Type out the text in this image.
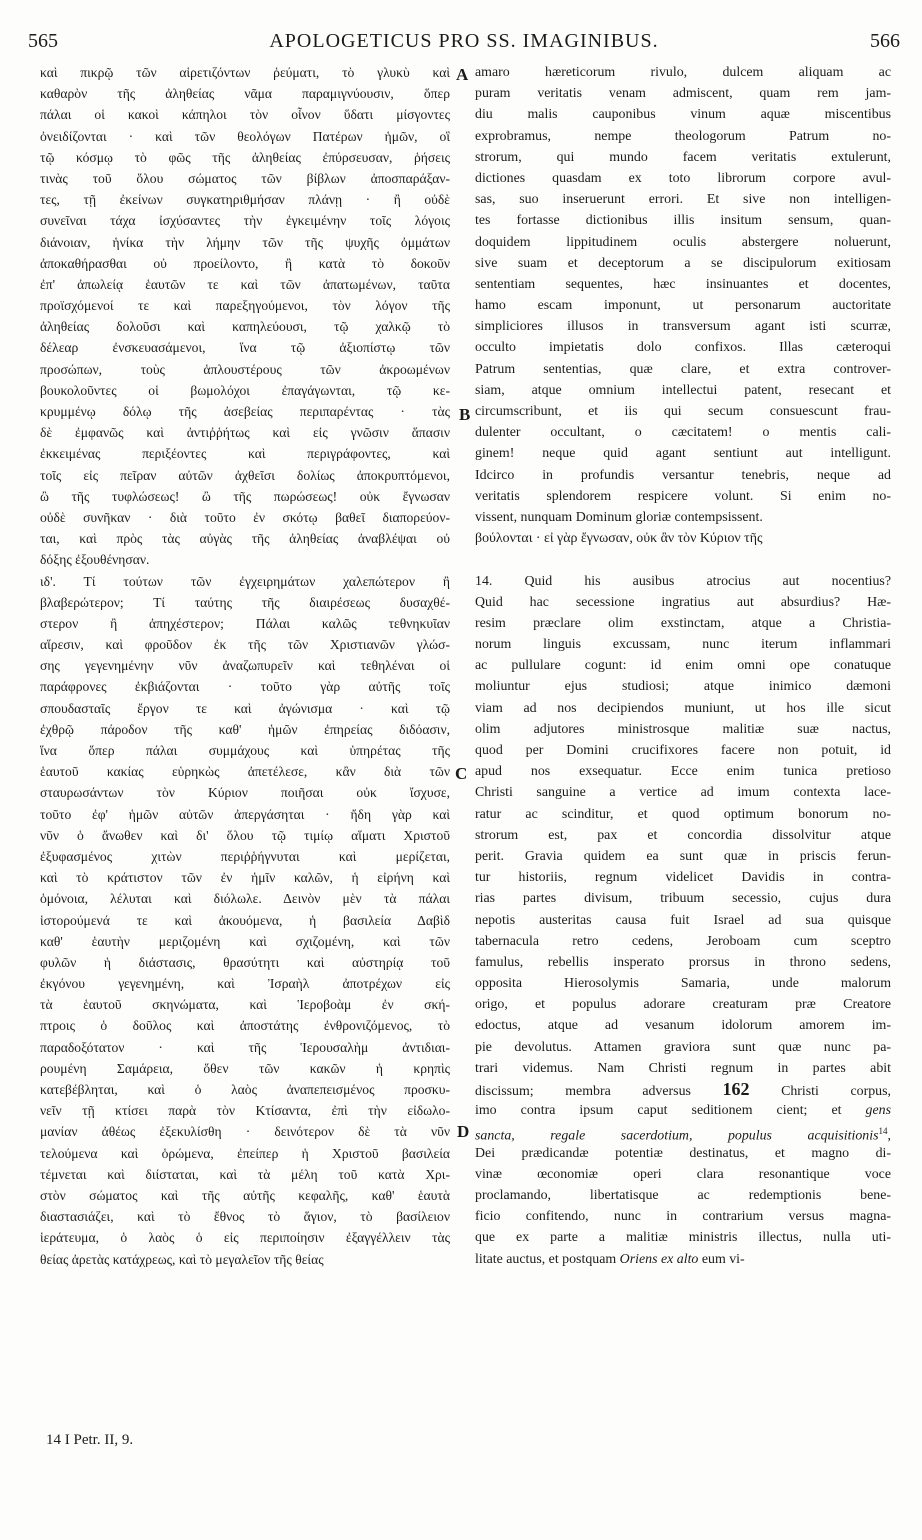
565	APOLOGETICUS PRO SS. IMAGINIBUS.	566
καὶ πικρῷ τῶν αἱρετιζόντων ῥεύματι, τὸ γλυκὺ καὶ
καθαρὸν τῆς ἀληθείας νᾶμα παραμιγνύουσιν, ὅπερ
πάλαι οἱ κακοὶ κάπηλοι τὸν οἶνον ὕδατι μίσγοντες
ὀνειδίζονται · καὶ τῶν θεολόγων Πατέρων ἡμῶν, οἳ
τῷ κόσμῳ τὸ φῶς τῆς ἀληθείας ἐπύρσευσαν, ῥήσεις
τινὰς τοῦ ὅλου σώματος τῶν βίβλων ἀποσπαράξαν-
τες, τῇ ἐκείνων συγκατηριθμήσαν πλάνῃ · ἢ οὐδὲ
συνεῖναι τάχα ἰσχύσαντες τὴν ἐγκειμένην τοῖς λόγοις
διάνοιαν, ἡνίκα τὴν λήμην τῶν τῆς ψυχῆς ὀμμάτων
ἀποκαθήρασθαι οὐ προείλοντο, ἢ κατὰ τὸ δοκοῦν
ἐπ' ἀπωλείᾳ ἑαυτῶν τε καὶ τῶν ἀπατωμένων, ταῦτα
προϊσχόμενοί τε καὶ παρεξηγούμενοι, τὸν λόγον τῆς
ἀληθείας δολοῦσι καὶ καπηλεύουσι, τῷ χαλκῷ τὸ
δέλεαρ ἐνσκευασάμενοι, ἵνα τῷ ἀξιοπίστῳ τῶν
προσώπων, τοὺς ἁπλουστέρους τῶν ἀκροωμένων
βουκολοῦντες οἱ βωμολόχοι ἐπαγάγωνται, τῷ κε-
κρυμμένῳ δόλῳ τῆς ἀσεβείας περιπαρέντας · τὰς
δὲ ἐμφανῶς καὶ ἀντιῤῥήτως καὶ εἰς γνῶσιν ἅπασιν
ἐκκειμένας περιξέοντες καὶ περιγράφοντες, καὶ
τοῖς εἰς πεῖραν αὐτῶν ἀχθεῖσι δολίως ἀποκρυπτόμενοι,
ὢ τῆς τυφλώσεως! ὢ τῆς πωρώσεως! οὐκ ἔγνωσαν
οὐδὲ συνῆκαν · διὰ τοῦτο ἐν σκότῳ βαθεῖ διαπορεύον-
ται, καὶ πρὸς τὰς αὐγὰς τῆς ἀληθείας ἀναβλέψαι οὐ
δόξης ἐξουθένησαν.
ιδ'. Τί τούτων τῶν ἐγχειρημάτων χαλεπώτερον ἢ
βλαβερώτερον; Τί ταύτης τῆς διαιρέσεως δυσαχθέ-
στερον ἢ ἀπηχέστερον; Πάλαι καλῶς τεθνηκυῖαν
αἵρεσιν, καὶ φροῦδον ἐκ τῆς τῶν Χριστιανῶν γλώσ-
σης γεγενημένην νῦν ἀναζωπυρεῖν καὶ τεθηλέναι οἱ
παράφρονες ἐκβιάζονται · τοῦτο γὰρ αὐτῆς τοῖς
σπουδασταῖς ἔργον τε καὶ ἀγώνισμα · καὶ τῷ
ἐχθρῷ πάροδον τῆς καθ' ἡμῶν ἐπηρείας διδόασιν,
ἵνα ὅπερ πάλαι συμμάχους καὶ ὑπηρέτας τῆς
ἑαυτοῦ κακίας εὑρηκὼς ἀπετέλεσε, κἂν διὰ τῶν
σταυρωσάντων τὸν Κύριον ποιῆσαι οὐκ ἴσχυσε,
τοῦτο ἐφ' ἡμῶν αὐτῶν ἀπεργάσηται · ἤδη γὰρ καὶ
νῦν ὁ ἄνωθεν καὶ δι' ὅλου τῷ τιμίῳ αἵματι Χριστοῦ
ἐξυφασμένος χιτὼν περιῤῥήγνυται καὶ μερίζεται,
καὶ τὸ κράτιστον τῶν ἐν ἡμῖν καλῶν, ἡ εἰρήνη καὶ
ὁμόνοια, λέλυται καὶ διόλωλε. Δεινὸν μὲν τὰ πάλαι
ἱστορούμενά τε καὶ ἀκουόμενα, ἡ βασιλεία Δαβὶδ
καθ' ἑαυτὴν μεριζομένη καὶ σχιζομένη, καὶ τῶν
φυλῶν ἡ διάστασις, θρασύτητι καὶ αὐστηρίᾳ τοῦ
ἐκγόνου γεγενημένη, καὶ Ἰσραὴλ ἀποτρέχων εἰς
τὰ ἑαυτοῦ σκηνώματα, καὶ Ἱεροβοὰμ ἐν σκή-
πτροις ὁ δοῦλος καὶ ἀποστάτης ἐνθρονιζόμενος, τὸ
παραδοξότατον · καὶ τῆς Ἱερουσαλὴμ ἀντιδιαι-
ρουμένη Σαμάρεια, ὅθεν τῶν κακῶν ἡ κρηπὶς
κατεβέβληται, καὶ ὁ λαὸς ἀναπεπεισμένος προσκυ-
νεῖν τῇ κτίσει παρὰ τὸν Κτίσαντα, ἐπὶ τὴν εἰδωλο-
μανίαν ἀθέως ἐξεκυλίσθη · δεινότερον δὲ τὰ νῦν
τελούμενα καὶ ὁρώμενα, ἐπείπερ ἡ Χριστοῦ βασιλεία
τέμνεται καὶ διίσταται, καὶ τὰ μέλη τοῦ κατὰ Χρι-
στὸν σώματος καὶ τῆς αὐτῆς κεφαλῆς, καθ' ἑαυτὰ
διαστασιάζει, καὶ τὸ ἔθνος τὸ ἅγιον, τὸ βασίλειον
ἱεράτευμα, ὁ λαὸς ὁ εἰς περιποίησιν ἐξαγγέλλειν τὰς
θείας ἀρετὰς κατάχρεως, καὶ τὸ μεγαλεῖον τῆς θείας
amaro hæreticorum rivulo, dulcem aliquam ac
puram veritatis venam admiscent, quam rem jam-
diu malis cauponibus vinum aquæ miscentibus
exprobramus, nempe theologorum Patrum no-
strorum, qui mundo facem veritatis extulerunt,
dictiones quasdam ex toto librorum corpore avul-
sas, suo inseruerunt errori. Et sive non intelligen-
tes fortasse dictionibus illis insitum sensum, quan-
doquidem lippitudinem oculis abstergere noluerunt,
sive suam et deceptorum a se discipulorum exitiosam
sententiam sequentes, hæc insinuantes et docentes,
hamo escam imponunt, ut personarum auctoritate
simpliciores illusos in transversum agant isti scurræ,
occulto impietatis dolo confixos. Illas cæteroqui
Patrum sententias, quæ clare, et extra controver-
siam, atque omnium intellectui patent, resecant et
circumscribunt, et iis qui secum consuescunt frau-
dulenter occultant, o cæcitatem! o mentis cali-
ginem! neque quid agant sentiunt aut intelligunt.
Idcirco in profundis versantur tenebris, neque ad
veritatis splendorem respicere volunt. Si enim no-
vissent, nunquam Dominum gloriæ contempsissent.
βούλονται · εἰ γὰρ ἔγνωσαν, οὐκ ἂν τὸν Κύριον τῆς
14. Quid his ausibus atrocius aut nocentius?
Quid hac secessione ingratius aut absurdius? Hæ-
resim præclare olim exstinctam, atque a Christia-
norum linguis excussam, nunc iterum inflammari
ac pullulare cogunt: id enim omni ope conatuque
moliuntur ejus studiosi; atque inimico dæmoni
viam ad nos decipiendos muniunt, ut hos ille sicut
olim adjutores ministrosque malitiæ suæ nactus,
quod per Domini crucifixores facere non potuit, id
apud nos exsequatur. Ecce enim tunica pretioso
Christi sanguine a vertice ad imum contexta lace-
ratur ac scinditur, et quod optimum bonorum no-
strorum est, pax et concordia dissolvitur atque
perit. Gravia quidem ea sunt quæ in priscis ferun-
tur historiis, regnum videlicet Davidis in contra-
rias partes divisum, tribuum secessio, cujus dura
nepotis austeritas causa fuit Israel ad sua quisque
tabernacula retro cedens, Jeroboam cum sceptro
famulus, rebellis insperato prorsus in throno sedens,
opposita Hierosolymis Samaria, unde malorum
origo, et populus adorare creaturam præ Creatore
edoctus, atque ad vesanum idolorum amorem im-
pie devolutus. Attamen graviora sunt quæ nunc pa-
trari videmus. Nam Christi regnum in partes abit
discissum; membra adversus 162 Christi corpus,
imo contra ipsum caput seditionem cient; et gens
sancta, regale sacerdotium, populus acquisitionis$^{14}$,
Dei prædicandæ potentiæ destinatus, et magno di-
vinæ œconomiæ operi clara resonantique voce
proclamando, libertatisque ac redemptionis bene-
ficio confitendo, nunc in contrarium versus magna-
que ex parte a malitiæ ministris illectus, nulla uti-
litate auctus, et postquam Oriens ex alto eum vi-
A
B
C
D
14 I Petr. II, 9.
